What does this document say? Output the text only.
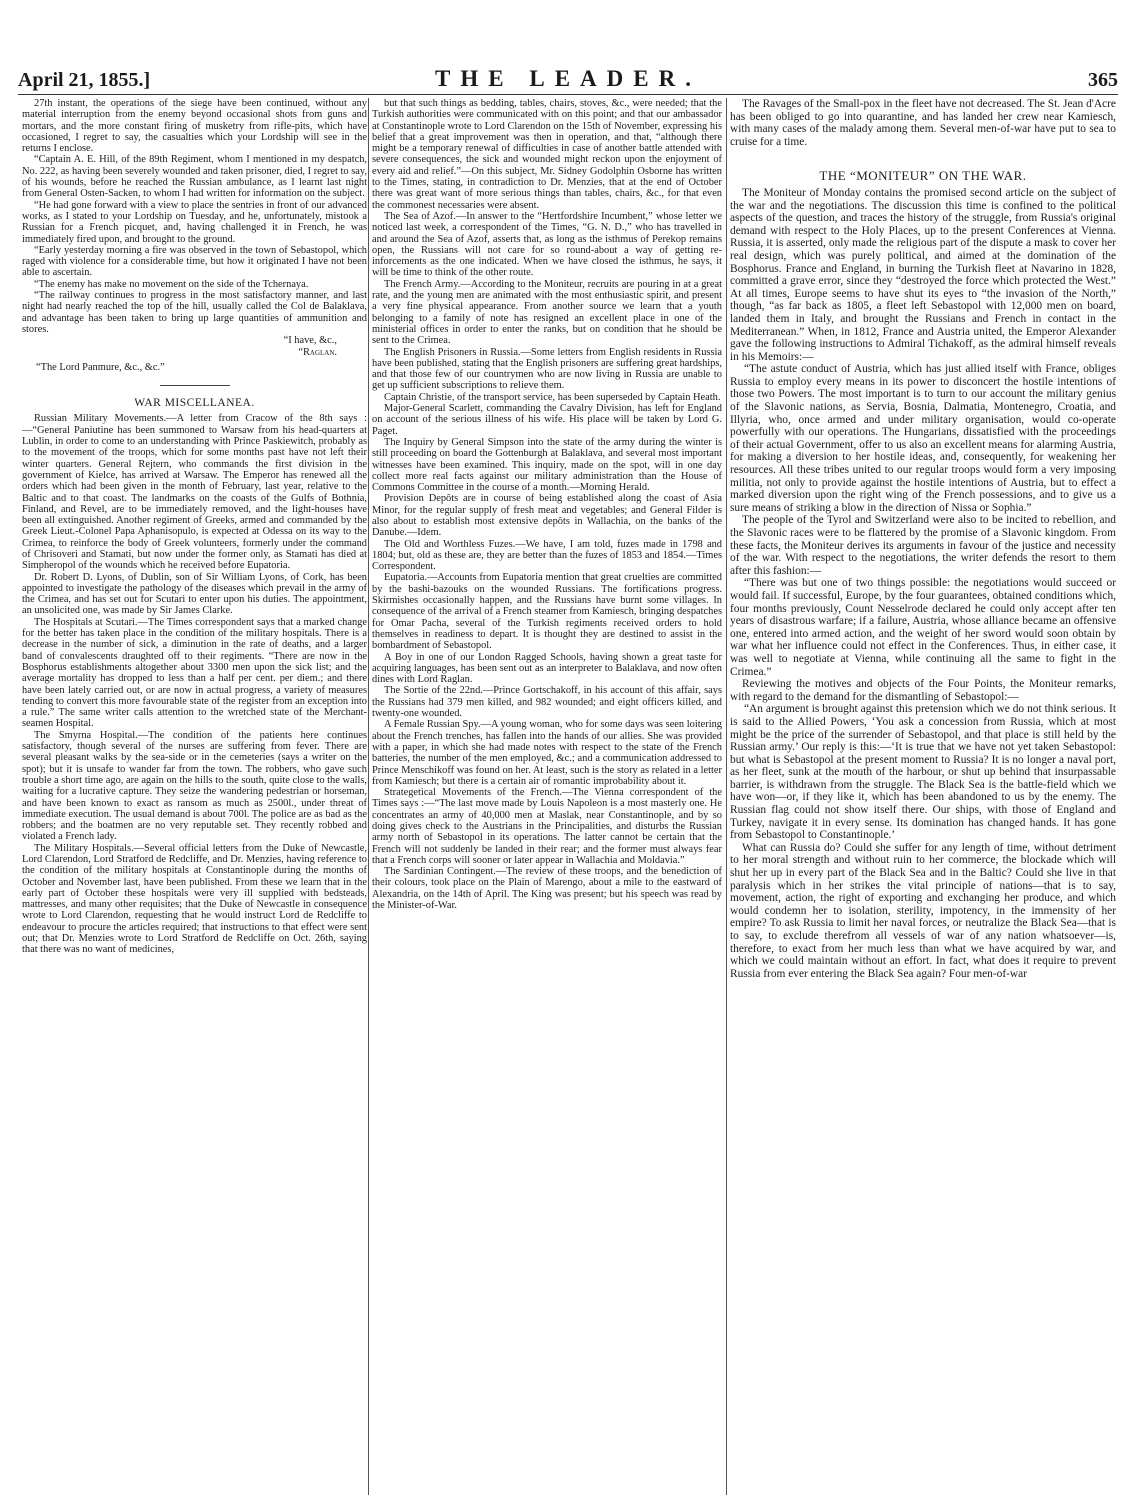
April 21, 1855.]	THE LEADER.	365

27th instant, the operations of the siege have been continued, without any material interruption from the enemy beyond occasional shots from guns and mortars, and the more constant firing of musketry from rifle-pits, which have occasioned, I regret to say, the casualties which your Lordship will see in the returns I enclose.

“Captain A. E. Hill, of the 89th Regiment, whom I mentioned in my despatch, No. 222, as having been severely wounded and taken prisoner, died, I regret to say, of his wounds, before he reached the Russian ambulance, as I learnt last night from General Osten-Sacken, to whom I had written for information on the subject.

“He had gone forward with a view to place the sentries in front of our advanced works, as I stated to your Lordship on Tuesday, and he, unfortunately, mistook a Russian for a French picquet, and, having challenged it in French, he was immediately fired upon, and brought to the ground.

“Early yesterday morning a fire was observed in the town of Sebastopol, which raged with violence for a considerable time, but how it originated I have not been able to ascertain.

“The enemy has make no movement on the side of the Tchernaya.

“The railway continues to progress in the most satisfactory manner, and last night had nearly reached the top of the hill, usually called the Col de Balaklava, and advantage has been taken to bring up large quantities of ammunition and stores.

“I have, &c.,

“Raglan.

“The Lord Panmure, &c., &c.”

WAR MISCELLANEA.

Russian Military Movements.—A letter from Cracow of the 8th says :—“General Paniutine has been summoned to Warsaw from his head-quarters at Lublin, in order to come to an understanding with Prince Paskiewitch, probably as to the movement of the troops, which for some months past have not left their winter quarters. General Rejtern, who commands the first division in the government of Kielce, has arrived at Warsaw. The Emperor has renewed all the orders which had been given in the month of February, last year, relative to the Baltic and to that coast. The landmarks on the coasts of the Gulfs of Bothnia, Finland, and Revel, are to be immediately removed, and the light-houses have been all extinguished. Another regiment of Greeks, armed and commanded by the Greek Lieut.-Colonel Papa Aphanisopulo, is expected at Odessa on its way to the Crimea, to reinforce the body of Greek volunteers, formerly under the command of Chrisoveri and Stamati, but now under the former only, as Stamati has died at Simpheropol of the wounds which he received before Eupatoria.

Dr. Robert D. Lyons, of Dublin, son of Sir William Lyons, of Cork, has been appointed to investigate the pathology of the diseases which prevail in the army of the Crimea, and has set out for Scutari to enter upon his duties. The appointment, an unsolicited one, was made by Sir James Clarke.

The Hospitals at Scutari.—The Times correspondent says that a marked change for the better has taken place in the condition of the military hospitals. There is a decrease in the number of sick, a diminution in the rate of deaths, and a larger band of convalescents draughted off to their regiments. “There are now in the Bosphorus establishments altogether about 3300 men upon the sick list; and the average mortality has dropped to less than a half per cent. per diem.; and there have been lately carried out, or are now in actual progress, a variety of measures tending to convert this more favourable state of the register from an exception into a rule.” The same writer calls attention to the wretched state of the Merchant-seamen Hospital.

The Smyrna Hospital.—The condition of the patients here continues satisfactory, though several of the nurses are suffering from fever. There are several pleasant walks by the sea-side or in the cemeteries (says a writer on the spot); but it is unsafe to wander far from the town. The robbers, who gave such trouble a short time ago, are again on the hills to the south, quite close to the walls, waiting for a lucrative capture. They seize the wandering pedestrian or horseman, and have been known to exact as ransom as much as 2500l., under threat of immediate execution. The usual demand is about 700l. The police are as bad as the robbers; and the boatmen are no very reputable set. They recently robbed and violated a French lady.

The Military Hospitals.—Several official letters from the Duke of Newcastle, Lord Clarendon, Lord Stratford de Redcliffe, and Dr. Menzies, having reference to the condition of the military hospitals at Constantinople during the months of October and November last, have been published. From these we learn that in the early part of October these hospitals were very ill supplied with bedsteads, mattresses, and many other requisites; that the Duke of Newcastle in consequence wrote to Lord Clarendon, requesting that he would instruct Lord de Redcliffe to endeavour to procure the articles required; that instructions to that effect were sent out; that Dr. Menzies wrote to Lord Stratford de Redcliffe on Oct. 26th, saying that there was no want of medicines,

but that such things as bedding, tables, chairs, stoves, &c., were needed; that the Turkish authorities were communicated with on this point; and that our ambassador at Constantinople wrote to Lord Clarendon on the 15th of November, expressing his belief that a great improvement was then in operation, and that, “although there might be a temporary renewal of difficulties in case of another battle attended with severe consequences, the sick and wounded might reckon upon the enjoyment of every aid and relief.”—On this subject, Mr. Sidney Godolphin Osborne has written to the Times, stating, in contradiction to Dr. Menzies, that at the end of October there was great want of more serious things than tables, chairs, &c., for that even the commonest necessaries were absent.

The Sea of Azof.—In answer to the “Hertfordshire Incumbent,” whose letter we noticed last week, a correspondent of the Times, “G. N. D.,” who has travelled in and around the Sea of Azof, asserts that, as long as the isthmus of Perekop remains open, the Russians will not care for so round-about a way of getting re-inforcements as the one indicated. When we have closed the isthmus, he says, it will be time to think of the other route.

The French Army.—According to the Moniteur, recruits are pouring in at a great rate, and the young men are animated with the most enthusiastic spirit, and present a very fine physical appearance. From another source we learn that a youth belonging to a family of note has resigned an excellent place in one of the ministerial offices in order to enter the ranks, but on condition that he should be sent to the Crimea.

The English Prisoners in Russia.—Some letters from English residents in Russia have been published, stating that the English prisoners are suffering great hardships, and that those few of our countrymen who are now living in Russia are unable to get up sufficient subscriptions to relieve them.

Captain Christie, of the transport service, has been superseded by Captain Heath.

Major-General Scarlett, commanding the Cavalry Division, has left for England on account of the serious illness of his wife. His place will be taken by Lord G. Paget.

The Inquiry by General Simpson into the state of the army during the winter is still proceeding on board the Gottenburgh at Balaklava, and several most important witnesses have been examined. This inquiry, made on the spot, will in one day collect more real facts against our military administration than the House of Commons Committee in the course of a month.—Morning Herald.

Provision Depôts are in course of being established along the coast of Asia Minor, for the regular supply of fresh meat and vegetables; and General Filder is also about to establish most extensive depôts in Wallachia, on the banks of the Danube.—Idem.

The Old and Worthless Fuzes.—We have, I am told, fuzes made in 1798 and 1804; but, old as these are, they are better than the fuzes of 1853 and 1854.—Times Correspondent.

Eupatoria.—Accounts from Eupatoria mention that great cruelties are committed by the bashi-bazouks on the wounded Russians. The fortifications progress. Skirmishes occasionally happen, and the Russians have burnt some villages. In consequence of the arrival of a French steamer from Kamiesch, bringing despatches for Omar Pacha, several of the Turkish regiments received orders to hold themselves in readiness to depart. It is thought they are destined to assist in the bombardment of Sebastopol.

A Boy in one of our London Ragged Schools, having shown a great taste for acquiring languages, has been sent out as an interpreter to Balaklava, and now often dines with Lord Raglan.

The Sortie of the 22nd.—Prince Gortschakoff, in his account of this affair, says the Russians had 379 men killed, and 982 wounded; and eight officers killed, and twenty-one wounded.

A Female Russian Spy.—A young woman, who for some days was seen loitering about the French trenches, has fallen into the hands of our allies. She was provided with a paper, in which she had made notes with respect to the state of the French batteries, the number of the men employed, &c.; and a communication addressed to Prince Menschikoff was found on her. At least, such is the story as related in a letter from Kamiesch; but there is a certain air of romantic improbability about it.

Strategetical Movements of the French.—The Vienna correspondent of the Times says :—“The last move made by Louis Napoleon is a most masterly one. He concentrates an army of 40,000 men at Maslak, near Constantinople, and by so doing gives check to the Austrians in the Principalities, and disturbs the Russian army north of Sebastopol in its operations. The latter cannot be certain that the French will not suddenly be landed in their rear; and the former must always fear that a French corps will sooner or later appear in Wallachia and Moldavia.”

The Sardinian Contingent.—The review of these troops, and the benediction of their colours, took place on the Plain of Marengo, about a mile to the eastward of Alexandria, on the 14th of April. The King was present; but his speech was read by the Minister-of-War.

The Ravages of the Small-pox in the fleet have not decreased. The St. Jean d'Acre has been obliged to go into quarantine, and has landed her crew near Kamiesch, with many cases of the malady among them. Several men-of-war have put to sea to cruise for a time.

THE “MONITEUR” ON THE WAR.

The Moniteur of Monday contains the promised second article on the subject of the war and the negotiations. The discussion this time is confined to the political aspects of the question, and traces the history of the struggle, from Russia's original demand with respect to the Holy Places, up to the present Conferences at Vienna. Russia, it is asserted, only made the religious part of the dispute a mask to cover her real design, which was purely political, and aimed at the domination of the Bosphorus. France and England, in burning the Turkish fleet at Navarino in 1828, committed a grave error, since they “destroyed the force which protected the West.” At all times, Europe seems to have shut its eyes to “the invasion of the North,” though, “as far back as 1805, a fleet left Sebastopol with 12,000 men on board, landed them in Italy, and brought the Russians and French in contact in the Mediterranean.” When, in 1812, France and Austria united, the Emperor Alexander gave the following instructions to Admiral Tichakoff, as the admiral himself reveals in his Memoirs:—

“The astute conduct of Austria, which has just allied itself with France, obliges Russia to employ every means in its power to disconcert the hostile intentions of those two Powers. The most important is to turn to our account the military genius of the Slavonic nations, as Servia, Bosnia, Dalmatia, Montenegro, Croatia, and Illyria, who, once armed and under military organisation, would co-operate powerfully with our operations. The Hungarians, dissatisfied with the proceedings of their actual Government, offer to us also an excellent means for alarming Austria, for making a diversion to her hostile ideas, and, consequently, for weakening her resources. All these tribes united to our regular troops would form a very imposing militia, not only to provide against the hostile intentions of Austria, but to effect a marked diversion upon the right wing of the French possessions, and to give us a sure means of striking a blow in the direction of Nissa or Sophia.”

The people of the Tyrol and Switzerland were also to be incited to rebellion, and the Slavonic races were to be flattered by the promise of a Slavonic kingdom. From these facts, the Moniteur derives its arguments in favour of the justice and necessity of the war. With respect to the negotiations, the writer defends the resort to them after this fashion:—

“There was but one of two things possible: the negotiations would succeed or would fail. If successful, Europe, by the four guarantees, obtained conditions which, four months previously, Count Nesselrode declared he could only accept after ten years of disastrous warfare; if a failure, Austria, whose alliance became an offensive one, entered into armed action, and the weight of her sword would soon obtain by war what her influence could not effect in the Conferences. Thus, in either case, it was well to negotiate at Vienna, while continuing all the same to fight in the Crimea.”

Reviewing the motives and objects of the Four Points, the Moniteur remarks, with regard to the demand for the dismantling of Sebastopol:—

“An argument is brought against this pretension which we do not think serious. It is said to the Allied Powers, ‘You ask a concession from Russia, which at most might be the price of the surrender of Sebastopol, and that place is still held by the Russian army.’ Our reply is this:—‘It is true that we have not yet taken Sebastopol: but what is Sebastopol at the present moment to Russia? It is no longer a naval port, as her fleet, sunk at the mouth of the harbour, or shut up behind that insurpassable barrier, is withdrawn from the struggle. The Black Sea is the battle-field which we have won—or, if they like it, which has been abandoned to us by the enemy. The Russian flag could not show itself there. Our ships, with those of England and Turkey, navigate it in every sense. Its domination has changed hands. It has gone from Sebastopol to Constantinople.’

What can Russia do? Could she suffer for any length of time, without detriment to her moral strength and without ruin to her commerce, the blockade which will shut her up in every part of the Black Sea and in the Baltic? Could she live in that paralysis which in her strikes the vital principle of nations—that is to say, movement, action, the right of exporting and exchanging her produce, and which would condemn her to isolation, sterility, impotency, in the immensity of her empire? To ask Russia to limit her naval forces, or neutralize the Black Sea—that is to say, to exclude therefrom all vessels of war of any nation whatsoever—is, therefore, to exact from her much less than what we have acquired by war, and which we could maintain without an effort. In fact, what does it require to prevent Russia from ever entering the Black Sea again? Four men-of-war
